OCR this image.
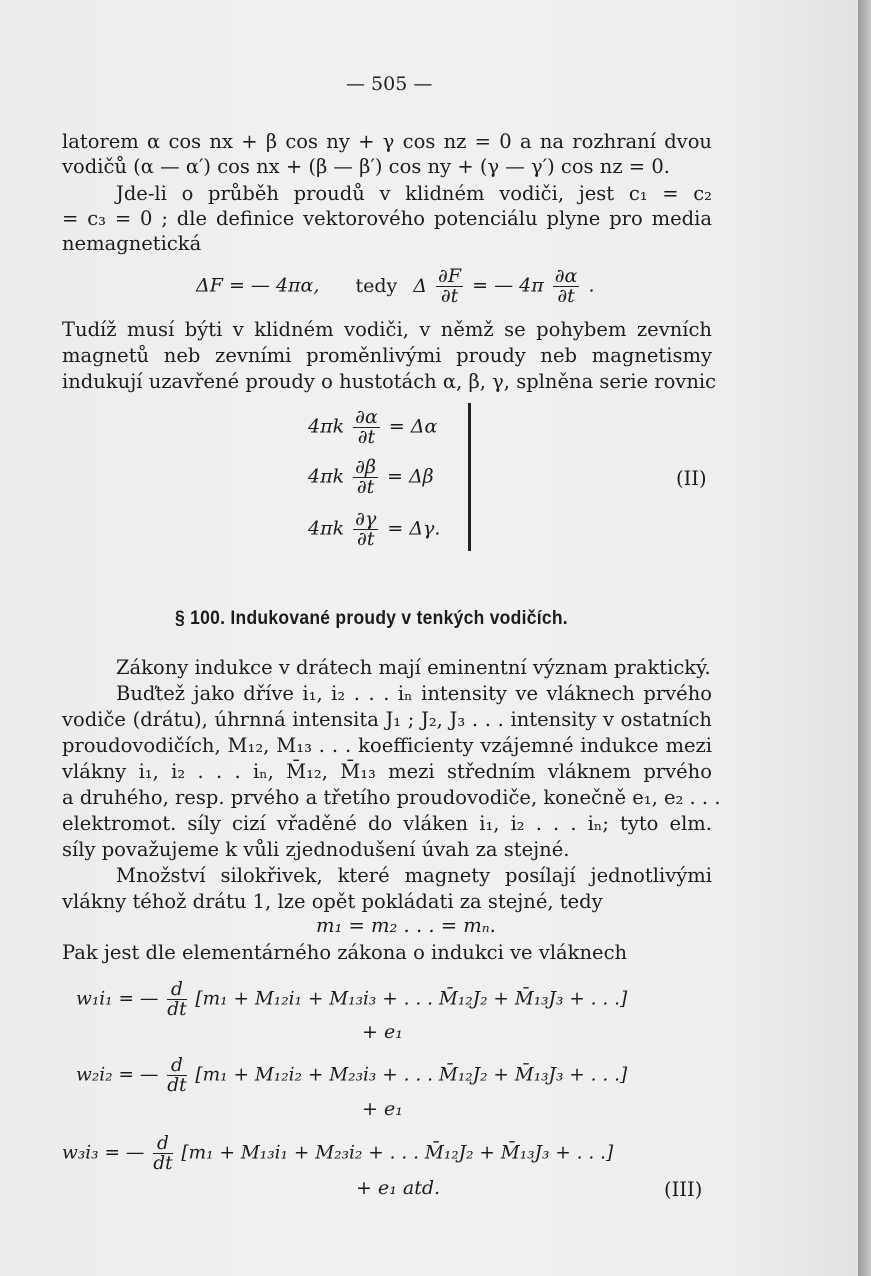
— 505 —
latorem α cos nx + β cos ny + γ cos nz = 0 a na rozhraní dvou
vodičů (α — α′) cos nx + (β — β′) cos ny + (γ — γ′) cos nz = 0.
Jde-li o průběh proudů v klidném vodiči, jest c₁ = c₂
= c₃ = 0 ; dle definice vektorového potenciálu plyne pro media
nemagnetická
ΔF = — 4πα, tedy Δ $\frac{\partial F}{\partial t}$ = — $4\pi \frac{\partial\alpha}{\partial t}$ .
Tudíž musí býti v klidném vodiči, v němž se pohybem zevních
magnetů neb zevními proměnlivými proudy neb magnetismy
indukují uzavřené proudy o hustotách α, β, γ, splněna serie rovnic
$4\pi k \frac{\partial\alpha}{\partial t} = \Delta\alpha$
$4\pi k \frac{\partial\beta}{\partial t} = \Delta\beta$
$4\pi k \frac{\partial\gamma}{\partial t} = \Delta\gamma$.
(II)
§ 100. Indukované proudy v tenkých vodičích.
Zákony indukce v drátech mají eminentní význam praktický.
Buďtež jako dříve i₁, i₂ . . . iₙ intensity ve vláknech prvého
vodiče (drátu), úhrnná intensita J₁ ; J₂, J₃ . . . intensity v ostatních
proudovodičích, M₁₂, M₁₃ . . . koefficienty vzájemné indukce mezi
vlákny i₁, i₂ . . . iₙ, M̄₁₂, M̄₁₃ mezi středním vláknem prvého
a druhého, resp. prvého a třetího proudovodiče, konečně e₁, e₂ . . .
elektromot. síly cizí vřaděné do vláken i₁, i₂ . . . iₙ; tyto elm.
síly považujeme k vůli zjednodušení úvah za stejné.
Množství silokřivek, které magnety posílají jednotlivými
vlákny téhož drátu 1, lze opět pokládati za stejné, tedy
m₁ = m₂ . . . = mₙ.
Pak jest dle elementárného zákona o indukci ve vláknech
w₁i₁ = — $\frac{d}{dt} [m_1 + M_{12}i_1 + M_{13}i_3$ + . . . M̄₁₂J₂ + M̄₁₃J₃ + . . .]
+ e₁
w₂i₂ = — $\frac{d}{dt} [m_1 + M_{12}i_2 + M_{23}i_3$ + . . . M̄₁₂J₂ + M̄₁₃J₃ + . . .]
+ e₁
w₃i₃ = — $\frac{d}{dt} [m_1 + M_{13}i_1 + M_{23}i_2$ + . . . M̄₁₂J₂ + M̄₁₃J₃ + . . .]
+ e₁ atd.	(III)
